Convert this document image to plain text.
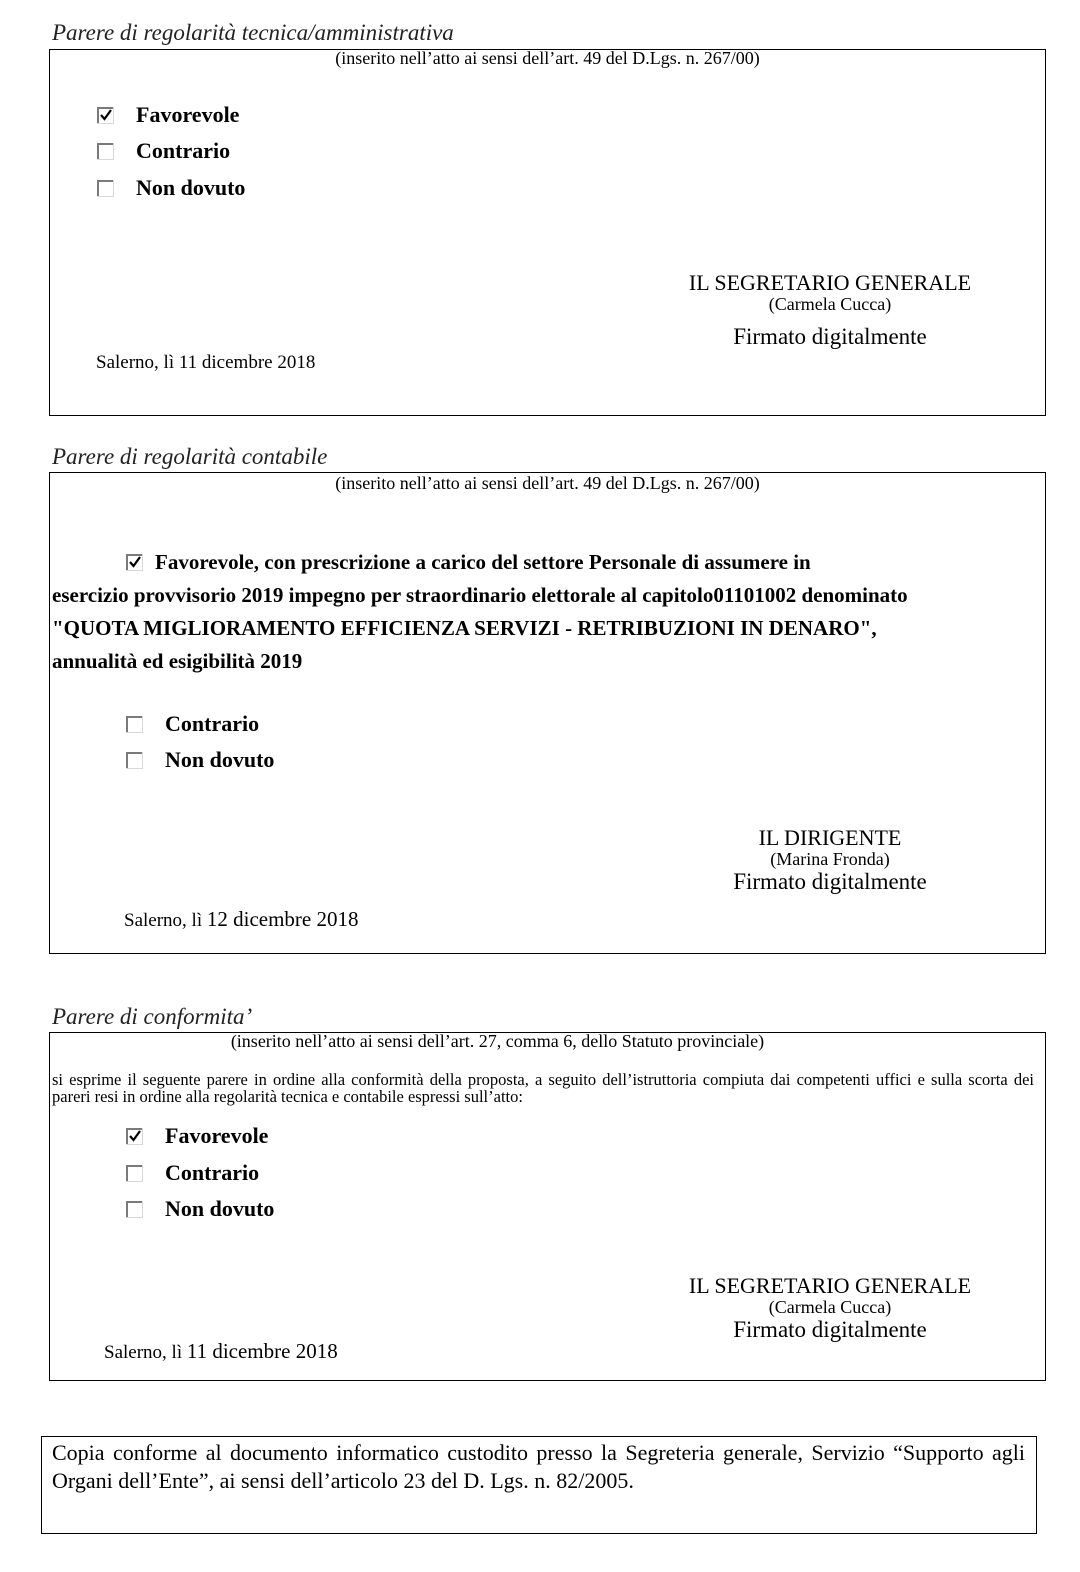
Parere di regolarità tecnica/amministrativa
(inserito nell’atto ai sensi dell’art. 49 del D.Lgs. n. 267/00)
Favorevole
Contrario
Non dovuto
IL SEGRETARIO GENERALE
(Carmela Cucca)
Firmato digitalmente
Salerno, lì 11 dicembre 2018
Parere di regolarità contabile
(inserito nell’atto ai sensi dell’art. 49 del D.Lgs. n. 267/00)
Favorevole, con prescrizione a carico del settore Personale di assumere in
esercizio provvisorio 2019 impegno per straordinario elettorale al capitolo01101002 denominato
"QUOTA MIGLIORAMENTO EFFICIENZA SERVIZI - RETRIBUZIONI IN DENARO",
annualità ed esigibilità 2019
Contrario
Non dovuto
IL DIRIGENTE
(Marina Fronda)
Firmato digitalmente
Salerno, lì 12 dicembre 2018
Parere di conformita’
(inserito nell’atto ai sensi dell’art. 27, comma 6, dello Statuto provinciale)
si esprime il seguente parere in ordine alla conformità della proposta, a seguito dell’istruttoria compiuta dai competenti uffici e sulla scorta dei pareri resi in ordine alla regolarità tecnica e contabile espressi sull’atto:
Favorevole
Contrario
Non dovuto
IL SEGRETARIO GENERALE
(Carmela Cucca)
Firmato digitalmente
Salerno, lì 11 dicembre 2018
Copia conforme al documento informatico custodito presso la Segreteria generale, Servizio “Supporto agli Organi dell’Ente”, ai sensi dell’articolo 23 del D. Lgs. n. 82/2005.
